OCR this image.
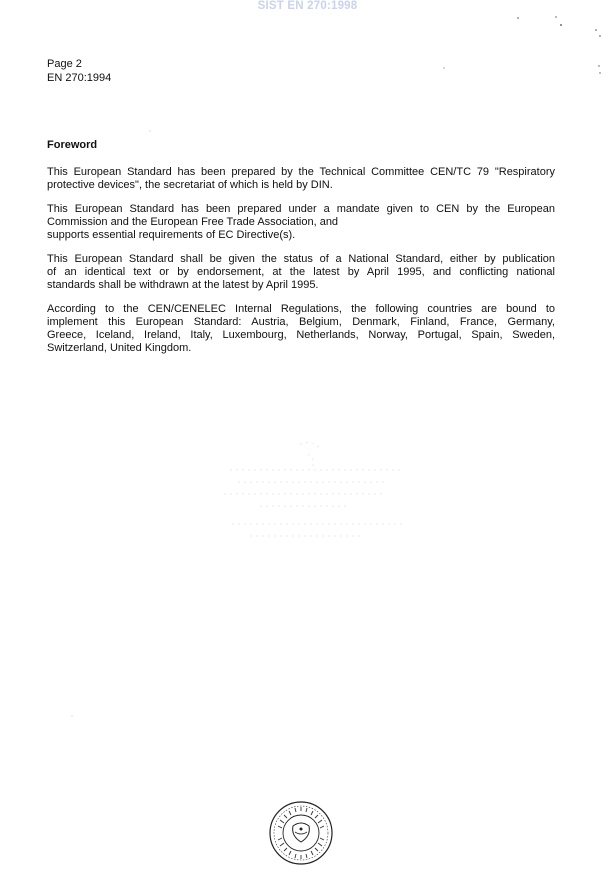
SIST EN 270:1998
Page 2
EN 270:1994
Foreword
This European Standard has been prepared by the Technical Committee CEN/TC 79 "Respiratory
protective devices", the secretariat of which is held by DIN.
This European Standard has been prepared under a mandate given to CEN by the European
Commission and the European Free Trade Association, and
supports essential requirements of EC Directive(s).
This European Standard shall be given the status of a National Standard, either by publication
of an identical text or by endorsement, at the latest by April 1995, and conflicting national
standards shall be withdrawn at the latest by April 1995.
According to the CEN/CENELEC Internal Regulations, the following countries are bound to
implement this European Standard: Austria, Belgium, Denmark, Finland, France, Germany,
Greece, Iceland, Ireland, Italy, Luxembourg, Netherlands, Norway, Portugal, Spain, Sweden,
Switzerland, United Kingdom.
